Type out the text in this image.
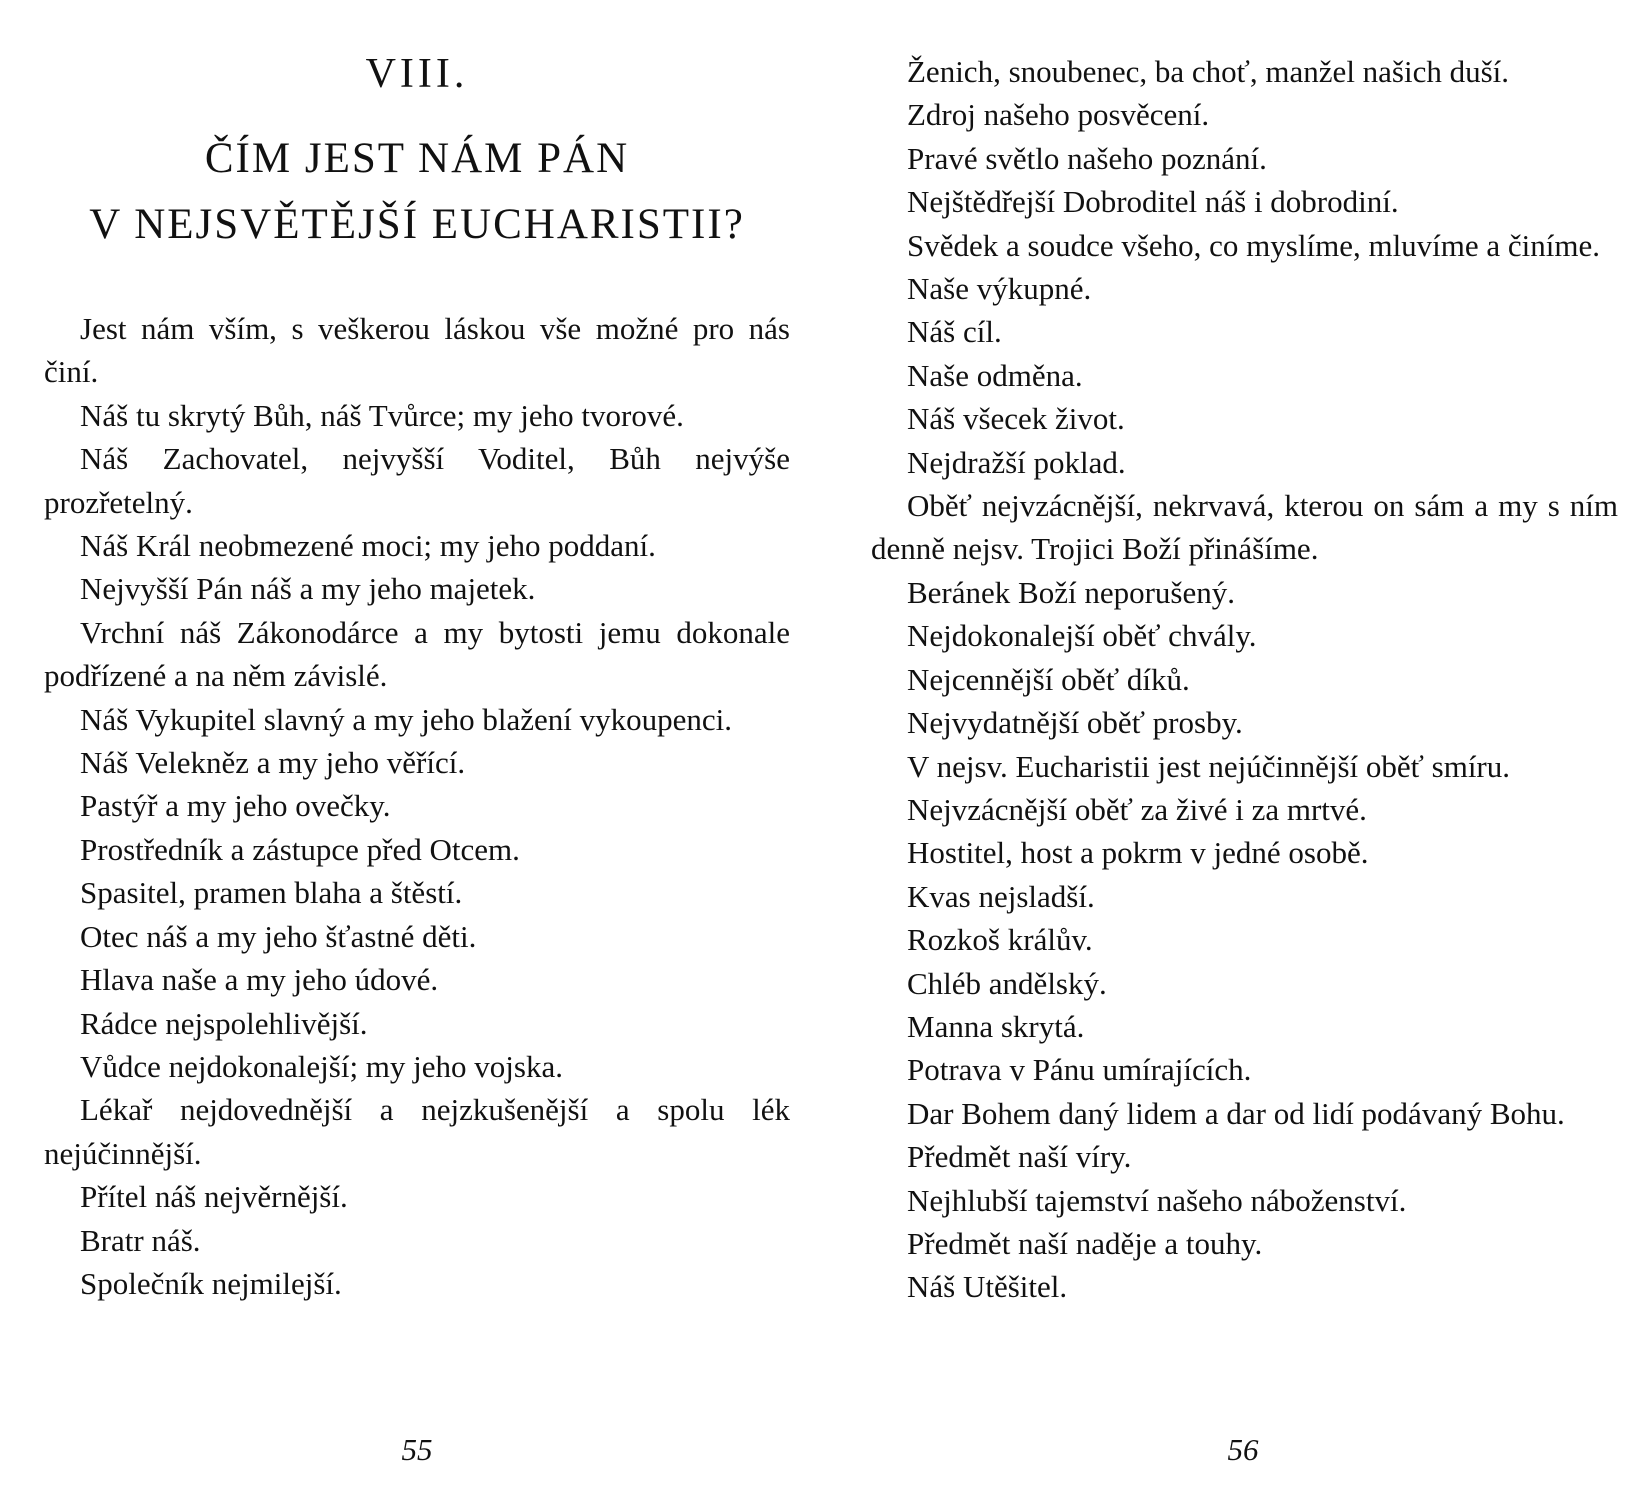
VIII.
ČÍM JEST NÁM PÁN
V NEJSVĚTĚJŠÍ EUCHARISTII?

Jest nám vším, s veškerou láskou vše možné pro nás činí.

Náš tu skrytý Bůh, náš Tvůrce; my jeho tvorové.

Náš Zachovatel, nejvyšší Voditel, Bůh nejvýše prozřetelný.

Náš Král neobmezené moci; my jeho poddaní.

Nejvyšší Pán náš a my jeho majetek.

Vrchní náš Zákonodárce a my bytosti jemu dokonale podřízené a na něm závislé.

Náš Vykupitel slavný a my jeho blažení vykoupenci.

Náš Velekněz a my jeho věřící.

Pastýř a my jeho ovečky.

Prostředník a zástupce před Otcem.

Spasitel, pramen blaha a štěstí.

Otec náš a my jeho šťastné děti.

Hlava naše a my jeho údové.

Rádce nejspolehlivější.

Vůdce nejdokonalejší; my jeho vojska.

Lékař nejdovednější a nejzkušenější a spolu lék nejúčinnější.

Přítel náš nejvěrnější.

Bratr náš.

Společník nejmilejší.

55

Ženich, snoubenec, ba choť, manžel našich duší.

Zdroj našeho posvěcení.

Pravé světlo našeho poznání.

Nejštědřejší Dobroditel náš i dobrodiní.

Svědek a soudce všeho, co myslíme, mluvíme a činíme.

Naše výkupné.

Náš cíl.

Naše odměna.

Náš všecek život.

Nejdražší poklad.

Oběť nejvzácnější, nekrvavá, kterou on sám a my s ním denně nejsv. Trojici Boží přinášíme.

Beránek Boží neporušený.

Nejdokonalejší oběť chvály.

Nejcennější oběť díků.

Nejvydatnější oběť prosby.

V nejsv. Eucharistii jest nejúčinnější oběť smíru.

Nejvzácnější oběť za živé i za mrtvé.

Hostitel, host a pokrm v jedné osobě.

Kvas nejsladší.

Rozkoš králův.

Chléb andělský.

Manna skrytá.

Potrava v Pánu umírajících.

Dar Bohem daný lidem a dar od lidí podávaný Bohu.

Předmět naší víry.

Nejhlubší tajemství našeho náboženství.

Předmět naší naděje a touhy.

Náš Utěšitel.

56
